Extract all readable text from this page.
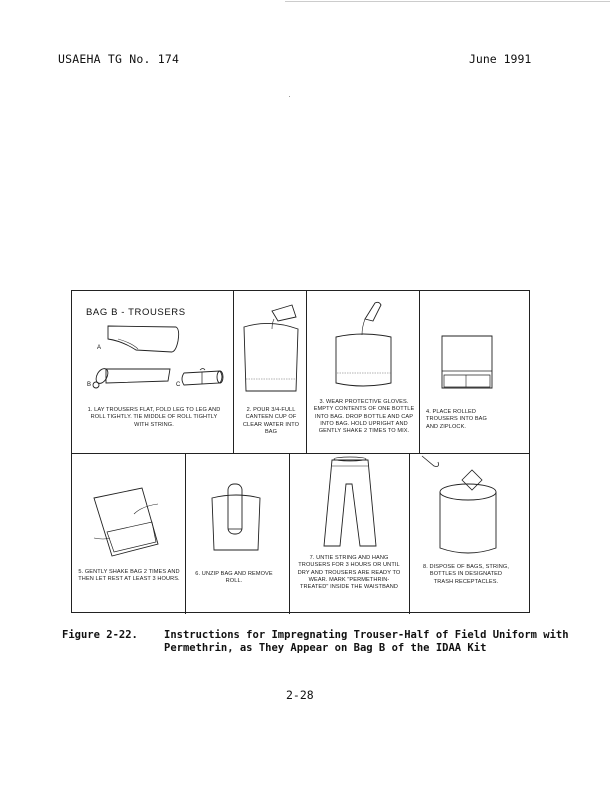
USAEHA TG No. 174	June 1991
BAG B - TROUSERS
A
B	C
1. LAY TROUSERS FLAT, FOLD LEG TO LEG AND ROLL TIGHTLY. TIE MIDDLE OF ROLL TIGHTLY WITH STRING.
2. POUR 3/4-FULL CANTEEN CUP OF CLEAR WATER INTO BAG
3. WEAR PROTECTIVE GLOVES. EMPTY CONTENTS OF ONE BOTTLE INTO BAG. DROP BOTTLE AND CAP INTO BAG. HOLD UPRIGHT AND GENTLY SHAKE 2 TIMES TO MIX.
4. PLACE ROLLED TROUSERS INTO BAG AND ZIPLOCK.
5. GENTLY SHAKE BAG 2 TIMES AND THEN LET REST AT LEAST 3 HOURS.
6. UNZIP BAG AND REMOVE ROLL.
7. UNTIE STRING AND HANG TROUSERS FOR 3 HOURS OR UNTIL DRY AND TROUSERS ARE READY TO WEAR. MARK "PERMETHRIN-TREATED" INSIDE THE WAISTBAND
8. DISPOSE OF BAGS, STRING, BOTTLES IN DESIGNATED TRASH RECEPTACLES.
Figure 2-22. Instructions for Impregnating Trouser-Half of Field Uniform with
Permethrin, as They Appear on Bag B of the IDAA Kit
2-28
